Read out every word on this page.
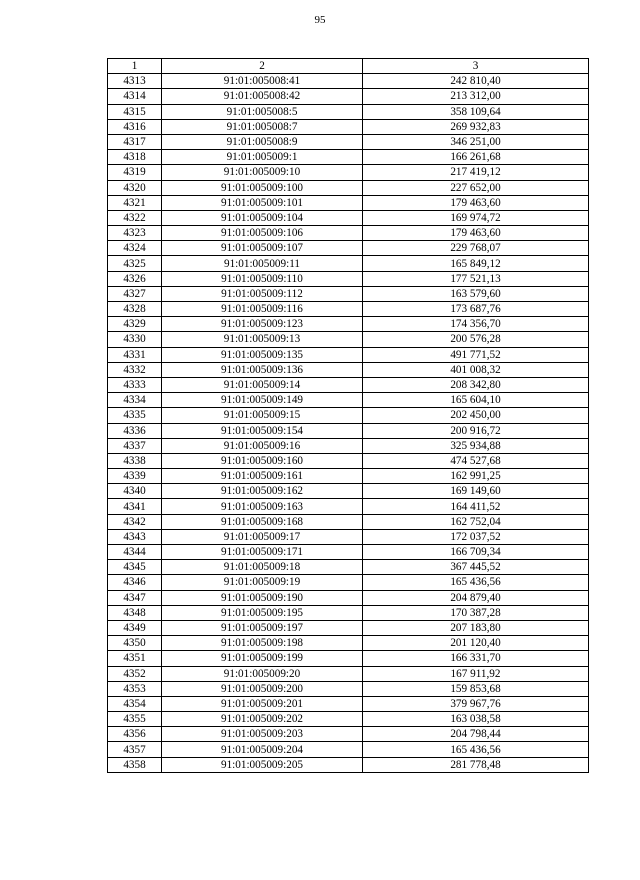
95
1	2	3
4313	91:01:005008:41	242 810,40
4314	91:01:005008:42	213 312,00
4315	91:01:005008:5	358 109,64
4316	91:01:005008:7	269 932,83
4317	91:01:005008:9	346 251,00
4318	91:01:005009:1	166 261,68
4319	91:01:005009:10	217 419,12
4320	91:01:005009:100	227 652,00
4321	91:01:005009:101	179 463,60
4322	91:01:005009:104	169 974,72
4323	91:01:005009:106	179 463,60
4324	91:01:005009:107	229 768,07
4325	91:01:005009:11	165 849,12
4326	91:01:005009:110	177 521,13
4327	91:01:005009:112	163 579,60
4328	91:01:005009:116	173 687,76
4329	91:01:005009:123	174 356,70
4330	91:01:005009:13	200 576,28
4331	91:01:005009:135	491 771,52
4332	91:01:005009:136	401 008,32
4333	91:01:005009:14	208 342,80
4334	91:01:005009:149	165 604,10
4335	91:01:005009:15	202 450,00
4336	91:01:005009:154	200 916,72
4337	91:01:005009:16	325 934,88
4338	91:01:005009:160	474 527,68
4339	91:01:005009:161	162 991,25
4340	91:01:005009:162	169 149,60
4341	91:01:005009:163	164 411,52
4342	91:01:005009:168	162 752,04
4343	91:01:005009:17	172 037,52
4344	91:01:005009:171	166 709,34
4345	91:01:005009:18	367 445,52
4346	91:01:005009:19	165 436,56
4347	91:01:005009:190	204 879,40
4348	91:01:005009:195	170 387,28
4349	91:01:005009:197	207 183,80
4350	91:01:005009:198	201 120,40
4351	91:01:005009:199	166 331,70
4352	91:01:005009:20	167 911,92
4353	91:01:005009:200	159 853,68
4354	91:01:005009:201	379 967,76
4355	91:01:005009:202	163 038,58
4356	91:01:005009:203	204 798,44
4357	91:01:005009:204	165 436,56
4358	91:01:005009:205	281 778,48
